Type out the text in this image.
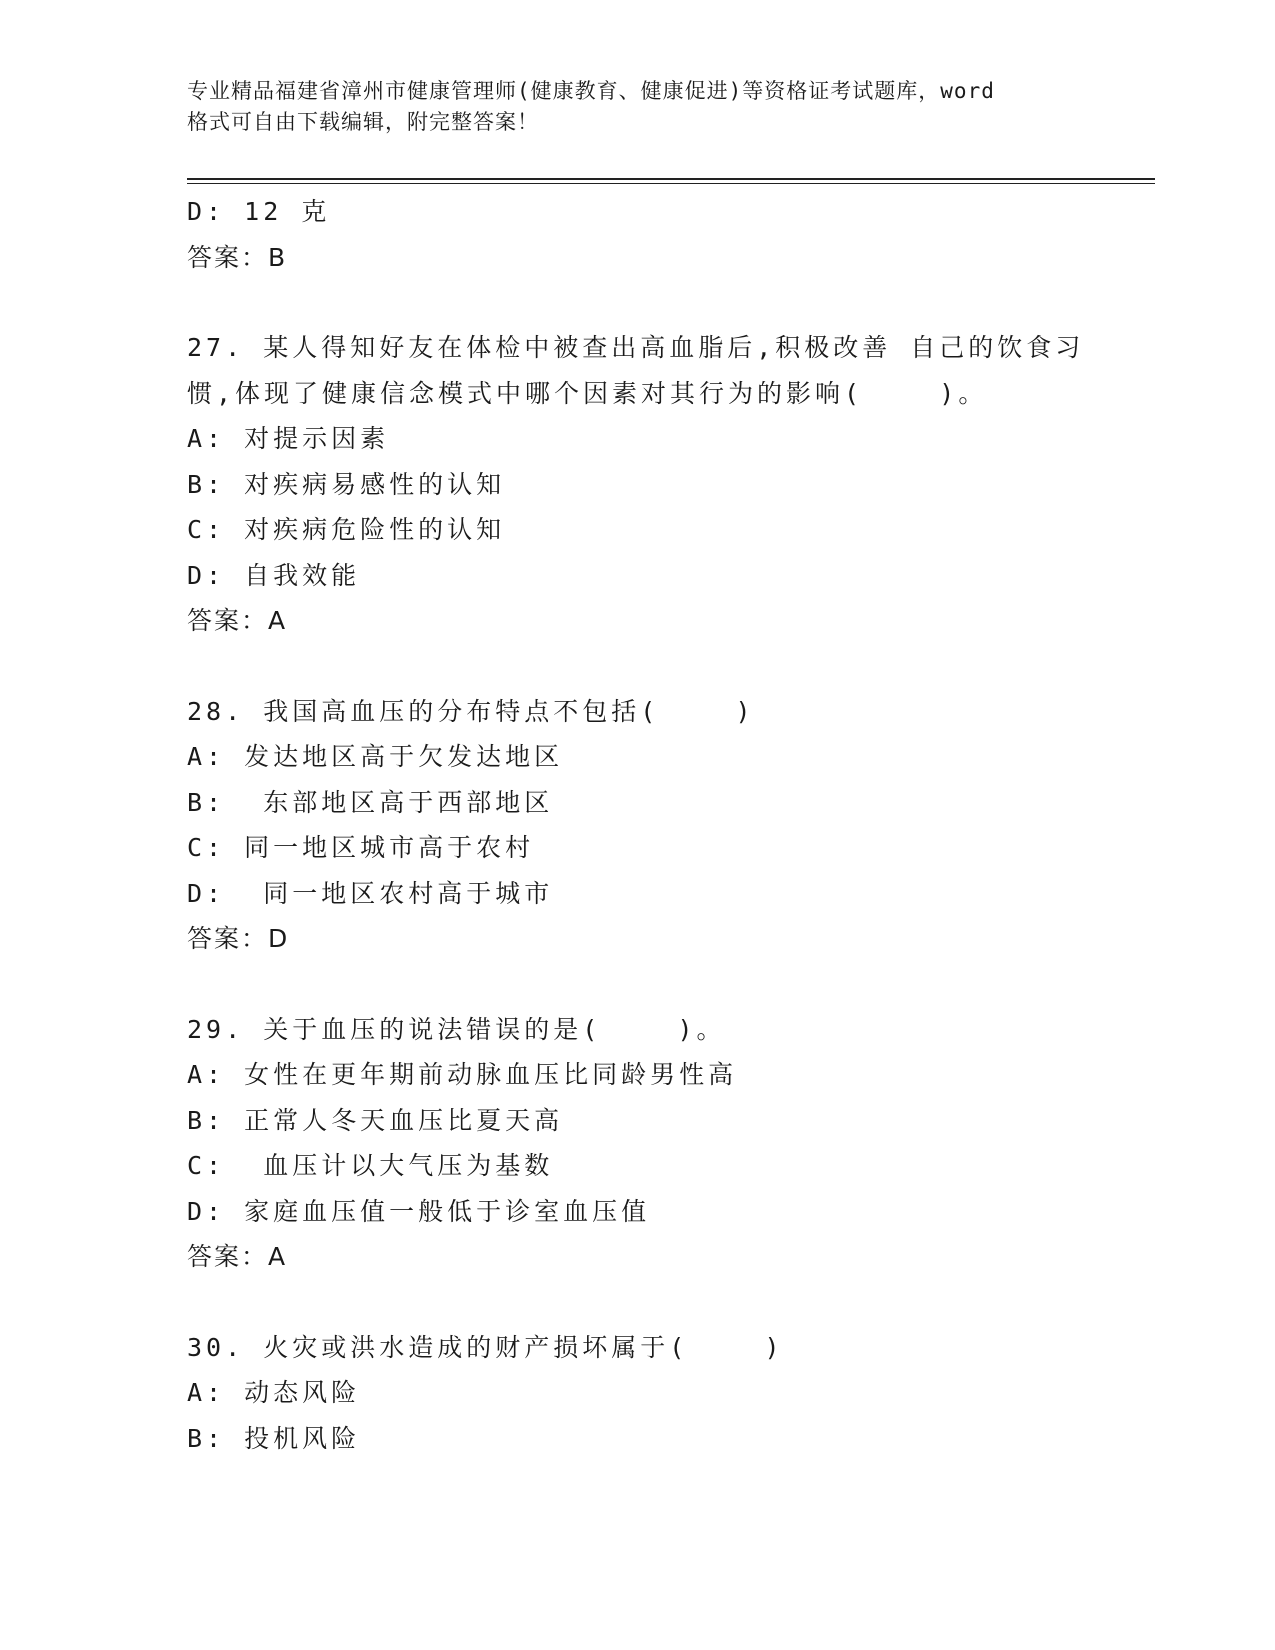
专业精品福建省漳州市健康管理师(健康教育、健康促进)等资格证考试题库，word
格式可自由下载编辑，附完整答案！
D: 12 克
答案：B
27. 某人得知好友在体检中被查出高血脂后,积极改善 自己的饮食习
惯,体现了健康信念模式中哪个因素对其行为的影响(    )。
A: 对提示因素
B: 对疾病易感性的认知
C: 对疾病危险性的认知
D: 自我效能
答案：A
28. 我国高血压的分布特点不包括(    )
A: 发达地区高于欠发达地区
B:  东部地区高于西部地区
C: 同一地区城市高于农村
D:  同一地区农村高于城市
答案：D
29. 关于血压的说法错误的是(    )。
A: 女性在更年期前动脉血压比同龄男性高
B: 正常人冬天血压比夏天高
C:  血压计以大气压为基数
D: 家庭血压值一般低于诊室血压值
答案：A
30. 火灾或洪水造成的财产损坏属于(    )
A: 动态风险
B: 投机风险
